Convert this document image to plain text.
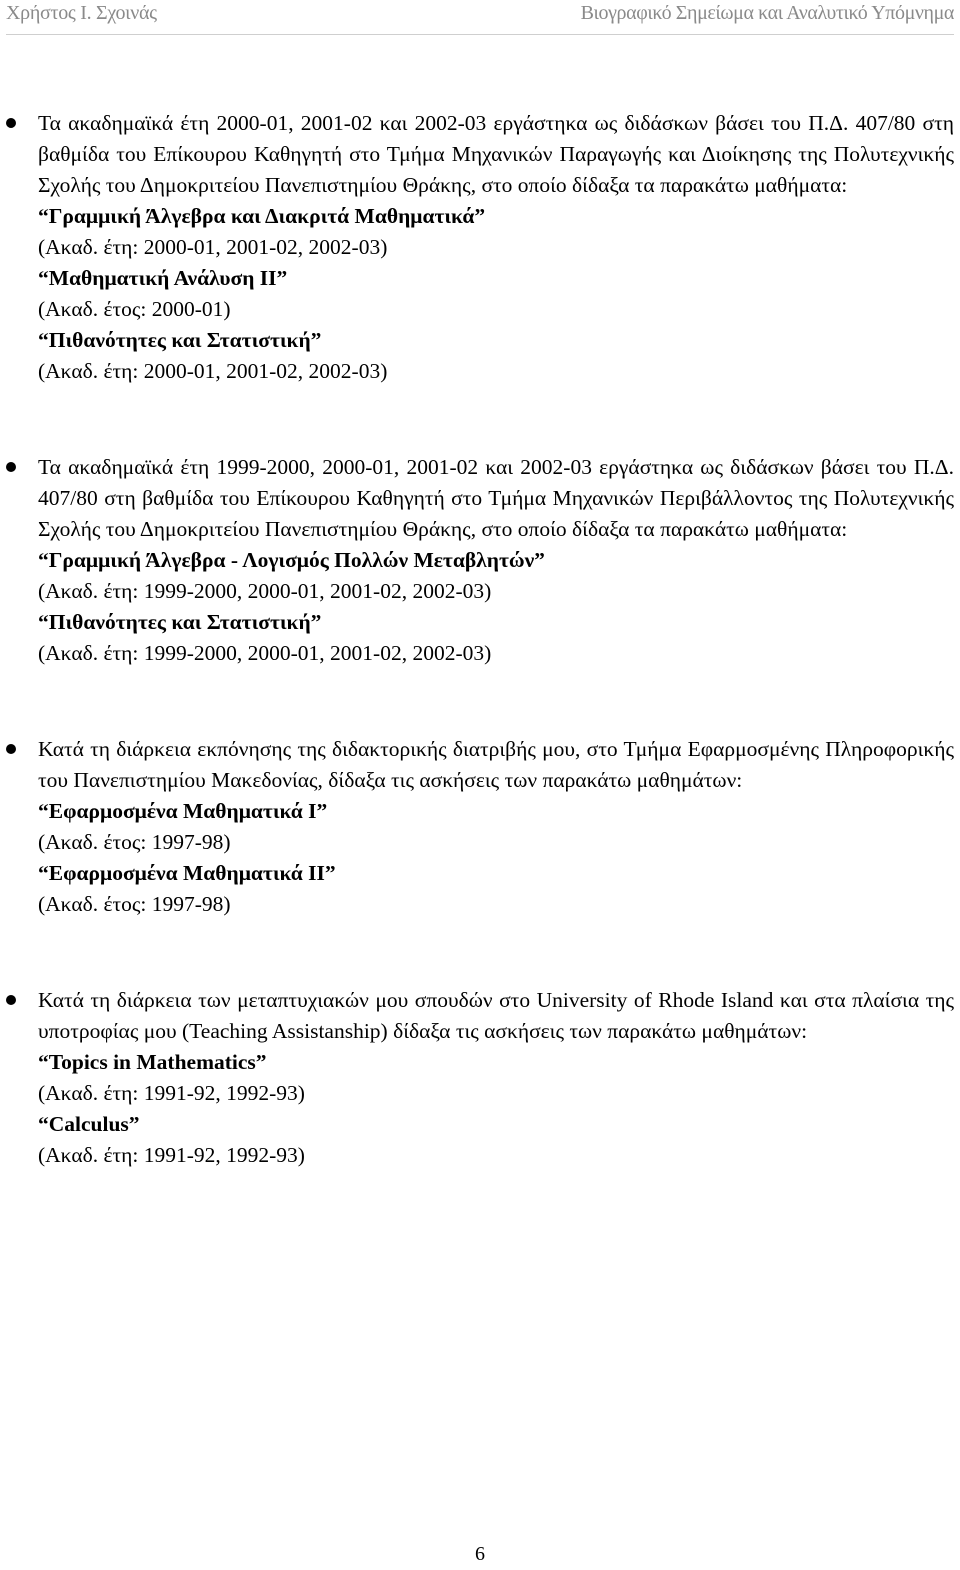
Χρήστος Ι. Σχοινάς	Βιογραφικό Σημείωμα και Αναλυτικό Υπόμνημα

Τα ακαδημαϊκά έτη 2000-01, 2001-02 και 2002-03 εργάστηκα ως διδάσκων βάσει του Π.Δ. 407/80 στη βαθμίδα του Επίκουρου Καθηγητή στο Τμήμα Μηχανικών Παραγωγής και Διοίκησης της Πολυτεχνικής Σχολής του Δημοκριτείου Πανεπιστημίου Θράκης, στο οποίο δίδαξα τα παρακάτω μαθήματα:

“Γραμμική Άλγεβρα και Διακριτά Μαθηματικά”
(Ακαδ. έτη: 2000-01, 2001-02, 2002-03)
“Μαθηματική Ανάλυση ΙΙ”
(Ακαδ. έτος: 2000-01)
“Πιθανότητες και Στατιστική”
(Ακαδ. έτη: 2000-01, 2001-02, 2002-03)

Τα ακαδημαϊκά έτη 1999-2000, 2000-01, 2001-02 και 2002-03 εργάστηκα ως διδάσκων βάσει του Π.Δ. 407/80 στη βαθμίδα του Επίκουρου Καθηγητή στο Τμήμα Μηχανικών Περιβάλλοντος της Πολυτεχνικής Σχολής του Δημοκριτείου Πανεπιστημίου Θράκης, στο οποίο δίδαξα τα παρακάτω μαθήματα:

“Γραμμική Άλγεβρα - Λογισμός Πολλών Μεταβλητών”
(Ακαδ. έτη: 1999-2000, 2000-01, 2001-02, 2002-03)
“Πιθανότητες και Στατιστική”
(Ακαδ. έτη: 1999-2000, 2000-01, 2001-02, 2002-03)

Κατά τη διάρκεια εκπόνησης της διδακτορικής διατριβής μου, στο Τμήμα Εφαρμοσμένης Πληροφορικής του Πανεπιστημίου Μακεδονίας, δίδαξα τις ασκήσεις των παρακάτω μαθημάτων:

“Εφαρμοσμένα Μαθηματικά Ι”
(Ακαδ. έτος: 1997-98)
“Εφαρμοσμένα Μαθηματικά ΙΙ”
(Ακαδ. έτος: 1997-98)

Κατά τη διάρκεια των μεταπτυχιακών μου σπουδών στο University of Rhode Island και στα πλαίσια της υποτροφίας μου (Teaching Assistanship) δίδαξα τις ασκήσεις των παρακάτω μαθημάτων:

“Topics in Mathematics”
(Ακαδ. έτη: 1991-92, 1992-93)
“Calculus”
(Ακαδ. έτη: 1991-92, 1992-93)
6
